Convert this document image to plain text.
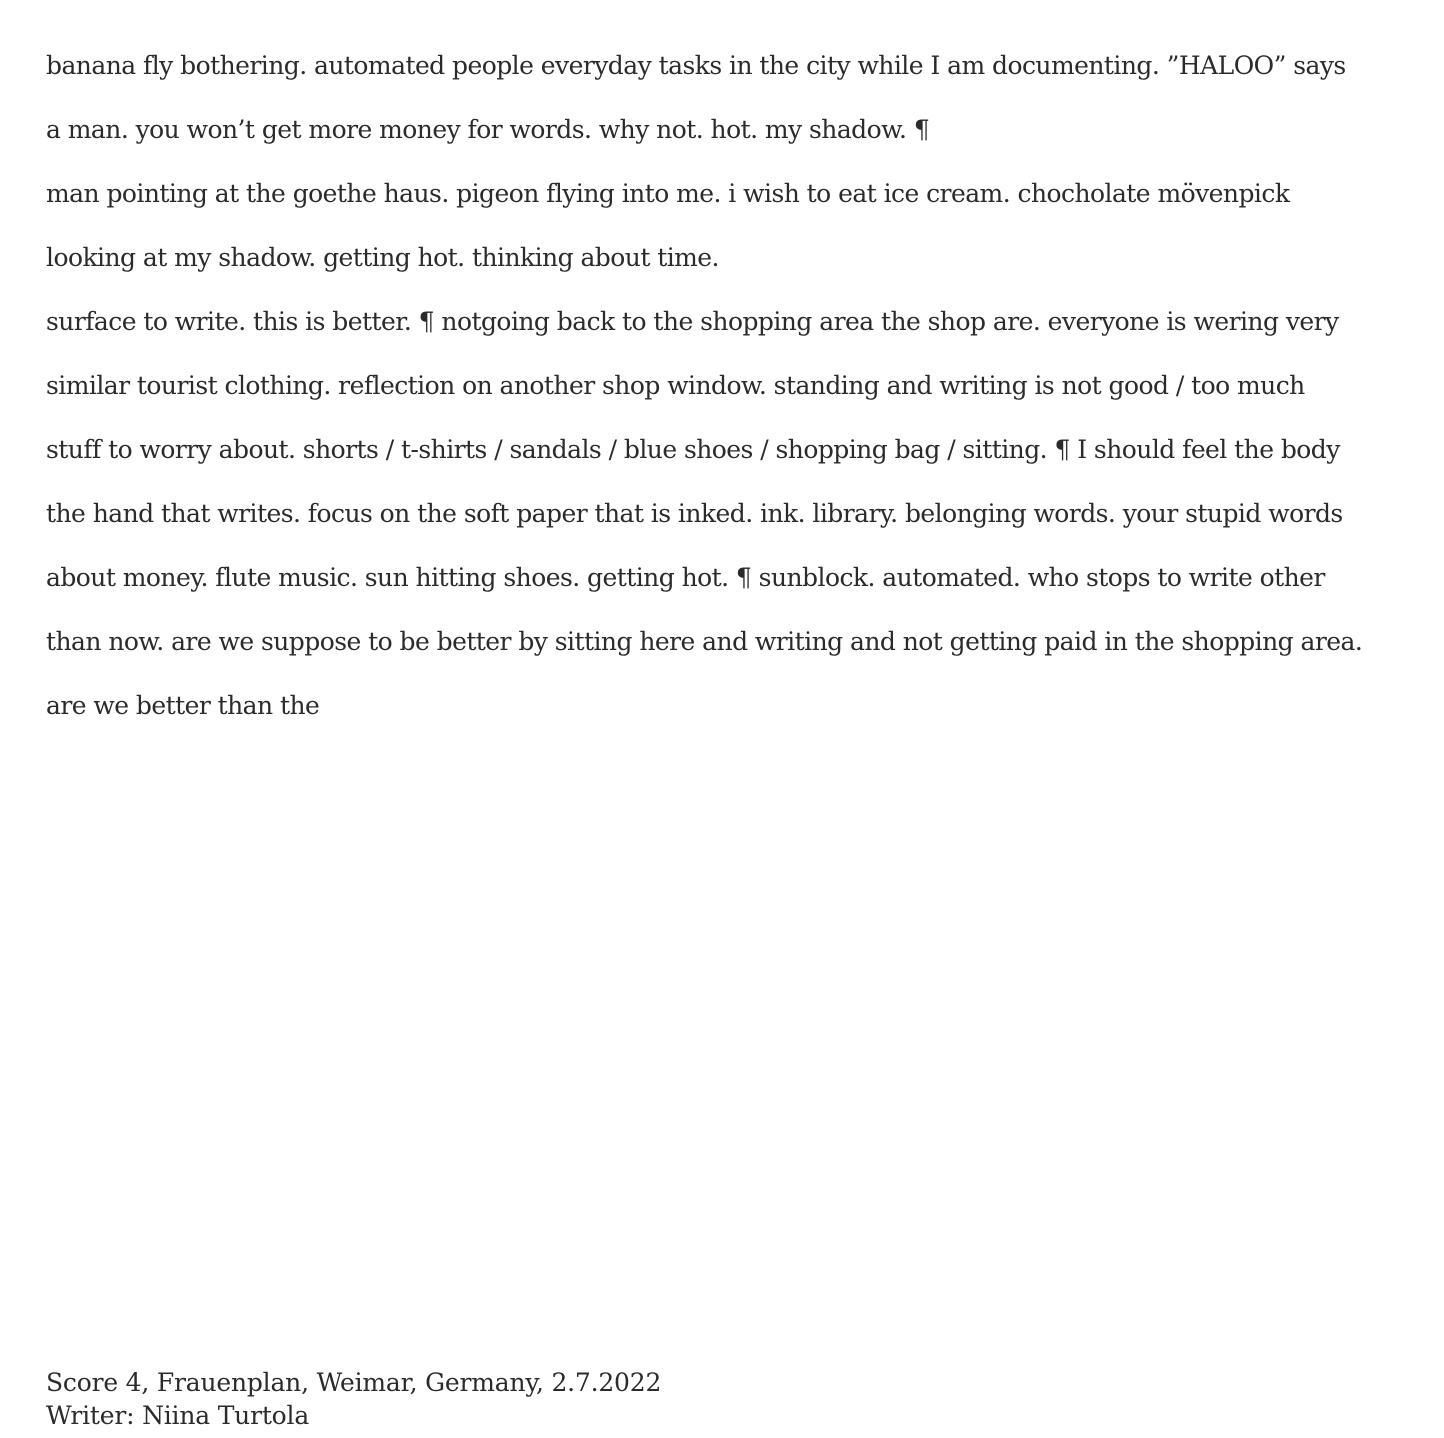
banana fly bothering. automated people everyday tasks in the city while I am documenting. ”HALOO” says
a man. you won’t get more money for words. why not. hot. my shadow. ¶
man pointing at the goethe haus. pigeon flying into me. i wish to eat ice cream. chocholate mövenpick
looking at my shadow. getting hot. thinking about time.
surface to write. this is better. ¶ notgoing back to the shopping area the shop are. everyone is wering very
similar tourist clothing. reflection on another shop window. standing and writing is not good / too much
stuff to worry about. shorts / t-shirts / sandals / blue shoes / shopping bag / sitting. ¶ I should feel the body
the hand that writes. focus on the soft paper that is inked. ink. library. belonging words. your stupid words
about money. flute music. sun hitting shoes. getting hot. ¶ sunblock. automated. who stops to write other
than now. are we suppose to be better by sitting here and writing and not getting paid in the shopping area.
are we better than the
Score 4, Frauenplan, Weimar, Germany, 2.7.2022
Writer: Niina Turtola
